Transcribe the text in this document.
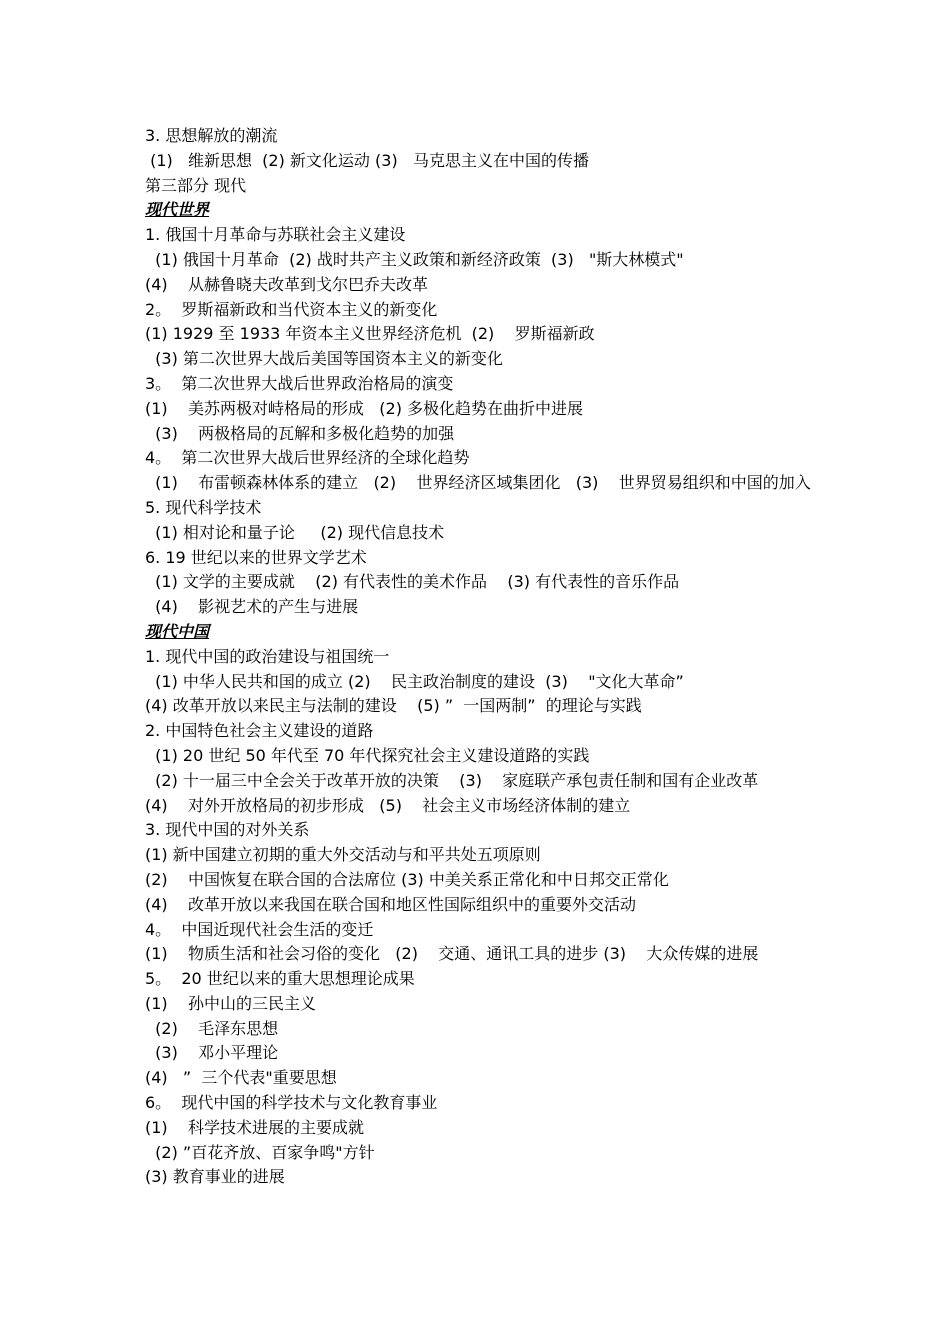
3. 思想解放的潮流

(1)   维新思想  (2) 新文化运动 (3)   马克思主义在中国的传播

第三部分 现代

现代世界

1. 俄国十月革命与苏联社会主义建设

(1) 俄国十月革命  (2) 战时共产主义政策和新经济政策  (3)   "斯大林模式"

(4)    从赫鲁晓夫改革到戈尔巴乔夫改革

2。  罗斯福新政和当代资本主义的新变化

(1) 1929 至 1933 年资本主义世界经济危机  (2)    罗斯福新政

(3) 第二次世界大战后美国等国资本主义的新变化

3。  第二次世界大战后世界政治格局的演变

(1)    美苏两极对峙格局的形成   (2) 多极化趋势在曲折中进展

(3)    两极格局的瓦解和多极化趋势的加强

4。  第二次世界大战后世界经济的全球化趋势

(1)    布雷顿森林体系的建立   (2)    世界经济区域集团化   (3)    世界贸易组织和中国的加入

5. 现代科学技术

(1) 相对论和量子论     (2) 现代信息技术

6. 19 世纪以来的世界文学艺术

(1) 文学的主要成就    (2) 有代表性的美术作品    (3) 有代表性的音乐作品

(4)    影视艺术的产生与进展

现代中国

1. 现代中国的政治建设与祖国统一

(1) 中华人民共和国的成立 (2)    民主政治制度的建设  (3)    "文化大革命”

(4) 改革开放以来民主与法制的建设    (5) ”  一国两制”  的理论与实践

2. 中国特色社会主义建设的道路

(1) 20 世纪 50 年代至 70 年代探究社会主义建设道路的实践

(2) 十一届三中全会关于改革开放的决策    (3)    家庭联产承包责任制和国有企业改革

(4)    对外开放格局的初步形成   (5)    社会主义市场经济体制的建立

3. 现代中国的对外关系

(1) 新中国建立初期的重大外交活动与和平共处五项原则

(2)    中国恢复在联合国的合法席位 (3) 中美关系正常化和中日邦交正常化

(4)    改革开放以来我国在联合国和地区性国际组织中的重要外交活动

4。  中国近现代社会生活的变迁

(1)    物质生活和社会习俗的变化   (2)    交通、通讯工具的进步 (3)    大众传媒的进展

5。  20 世纪以来的重大思想理论成果

(1)    孙中山的三民主义

(2)    毛泽东思想

(3)    邓小平理论

(4)   ”  三个代表"重要思想

6。  现代中国的科学技术与文化教育事业

(1)    科学技术进展的主要成就

(2) ”百花齐放、百家争鸣"方针

(3) 教育事业的进展
